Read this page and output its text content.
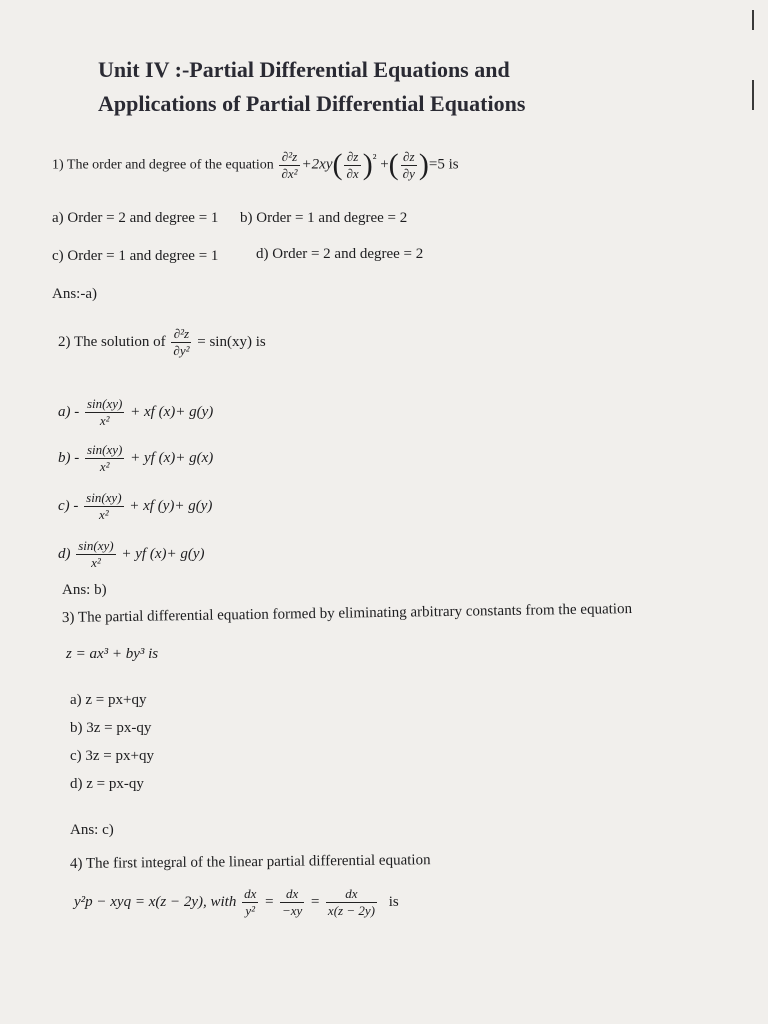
Unit IV :-Partial Differential Equations and
Applications of Partial Differential Equations
1) The order and degree of the equation $\frac{\text{∂²z}}{\text{∂x²}} +2xy( \frac{\partial z}{\partial x} )^{^2}$ +( $\frac{\partial z}{\partial y} )=5$ is
a) Order = 2 and degree = 1 b) Order = 1 and degree = 2
c) Order = 1 and degree = 1	d) Order = 2 and degree = 2
Ans:-a)
2) The solution of $\frac{\text{∂²z}}{\text{∂y²}} = \sin(xy)$ is
$a) - \frac{\sin(xy)}{\text{x²}}$ + xf (x)+ g(y)
$b) - \frac{\sin(xy)}{\text{x²}}$ + yf (x)+ g(x)
$c) - \frac{\sin(xy)}{\text{x²}}$ + xf (y)+ g(y)
$d) \frac{\sin(xy)}{\text{x²}}$ + yf (x)+ g(y)
Ans: b)
3) The partial differential equation formed by eliminating arbitrary constants from the equation
z = ax³ + by³ is
a) z = px+qy
b) 3z = px-qy
c) 3z = px+qy
d) z = px-qy
Ans: c)
4) The first integral of the linear partial differential equation
y²p − xyq = x(z − 2y), with $\frac{dx}{\text{y²}} = \frac{dx}{-xy} = \frac{dx}{x(z - 2y)}$ is
